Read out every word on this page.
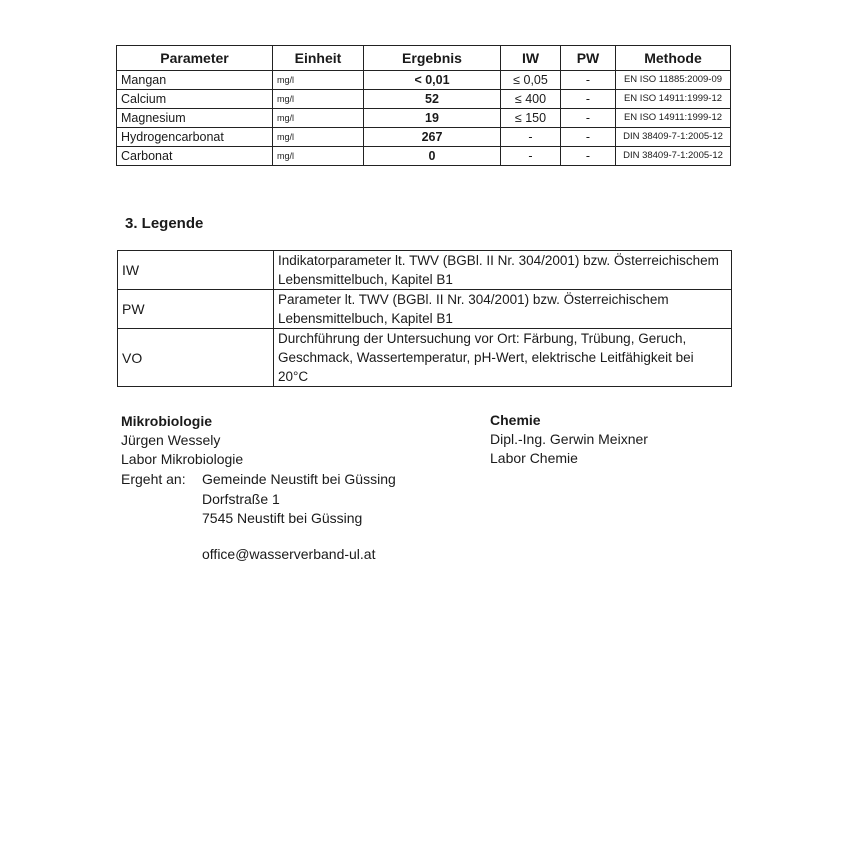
Parameter	Einheit	Ergebnis	IW	PW	Methode
Mangan	mg/l	< 0,01	≤ 0,05	-	EN ISO 11885:2009-09
Calcium	mg/l	52	≤ 400	-	EN ISO 14911:1999-12
Magnesium	mg/l	19	≤ 150	-	EN ISO 14911:1999-12
Hydrogencarbonat	mg/l	267	-	-	DIN 38409-7-1:2005-12
Carbonat	mg/l	0	-	-	DIN 38409-7-1:2005-12
3. Legende
IW	Indikatorparameter lt. TWV (BGBl. II Nr. 304/2001) bzw. Österreichischem
Lebensmittelbuch, Kapitel B1

PW	Parameter lt. TWV (BGBl. II Nr. 304/2001) bzw. Österreichischem
Lebensmittelbuch, Kapitel B1

VO	Durchführung der Untersuchung vor Ort: Färbung, Trübung, Geruch,
Geschmack, Wassertemperatur, pH-Wert, elektrische Leitfähigkeit bei 20°C
Mikrobiologie
Jürgen Wessely
Labor Mikrobiologie
Chemie
Dipl.-Ing. Gerwin Meixner
Labor Chemie
Ergeht an: Gemeinde Neustift bei Güssing
Dorfstraße 1
7545 Neustift bei Güssing
office@wasserverband-ul.at
